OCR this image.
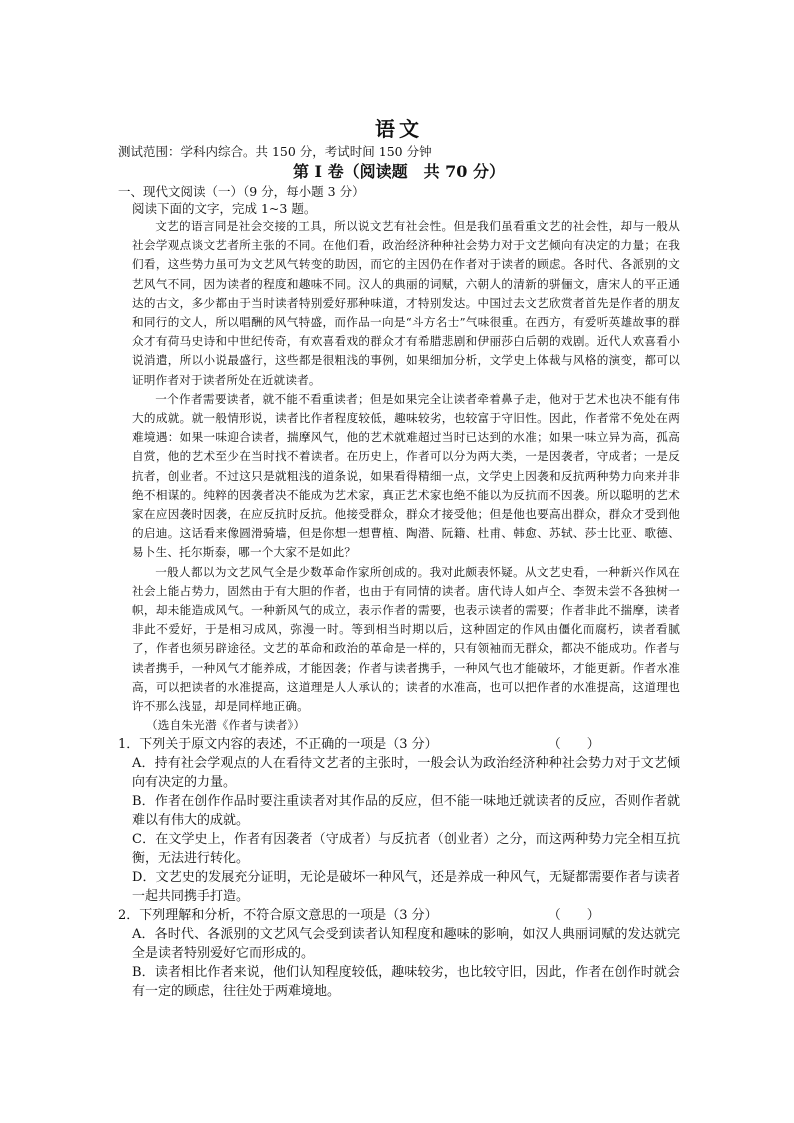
语文
测试范围：学科内综合。共 150 分，考试时间 150 分钟
第 I 卷（阅读题　共 70 分）
一、现代文阅读（一）（9 分，每小题 3 分）
阅读下面的文字，完成 1~3 题。

文艺的语言同是社会交接的工具，所以说文艺有社会性。但是我们虽看重文艺的社会性，却与一般从社会学观点谈文艺者所主张的不同。在他们看，政治经济种种社会势力对于文艺倾向有决定的力量；在我们看，这些势力虽可为文艺风气转变的助因，而它的主因仍在作者对于读者的顾虑。各时代、各派别的文艺风气不同，因为读者的程度和趣味不同。汉人的典丽的词赋，六朝人的清新的骈俪文，唐宋人的平正通达的古文，多少都由于当时读者特别爱好那种味道，才特别发达。中国过去文艺欣赏者首先是作者的朋友和同行的文人，所以唱酬的风气特盛，而作品一向是“斗方名士”气味很重。在西方，有爱听英雄故事的群众才有荷马史诗和中世纪传奇，有欢喜看戏的群众才有希腊悲剧和伊丽莎白后朝的戏剧。近代人欢喜看小说消遣，所以小说最盛行，这些都是很粗浅的事例，如果细加分析，文学史上体裁与风格的演变，都可以证明作者对于读者所处在近就读者。

一个作者需要读者，就不能不看重读者；但是如果完全让读者牵着鼻子走，他对于艺术也决不能有伟大的成就。就一般情形说，读者比作者程度较低，趣味较劣，也较富于守旧性。因此，作者常不免处在两难境遇：如果一味迎合读者，揣摩风气，他的艺术就难超过当时已达到的水准；如果一味立异为高，孤高自赏，他的艺术至少在当时找不着读者。在历史上，作者可以分为两大类，一是因袭者，守成者；一是反抗者，创业者。不过这只是就粗浅的道条说，如果看得精细一点，文学史上因袭和反抗两种势力向来并非绝不相谋的。纯粹的因袭者决不能成为艺术家，真正艺术家也绝不能以为反抗而不因袭。所以聪明的艺术家在应因袭时因袭，在应反抗时反抗。他接受群众，群众才接受他；但是他也要高出群众，群众才受到他的启迪。这话看来像圆滑骑墙，但是你想一想曹植、陶潜、阮籍、杜甫、韩愈、苏轼、莎士比亚、歌德、易卜生、托尔斯泰，哪一个大家不是如此？

一般人都以为文艺风气全是少数革命作家所创成的。我对此颇表怀疑。从文艺史看，一种新兴作风在社会上能占势力，固然由于有大胆的作者，也由于有同情的读者。唐代诗人如卢仝、李贺未尝不各独树一帜，却未能造成风气。一种新风气的成立，表示作者的需要，也表示读者的需要；作者非此不揣摩，读者非此不爱好，于是相习成风，弥漫一时。等到相当时期以后，这种固定的作风由僵化而腐朽，读者看腻了，作者也须另辟途径。文艺的革命和政治的革命是一样的，只有领袖而无群众，都决不能成功。作者与读者携手，一种风气才能养成，才能因袭；作者与读者携手，一种风气也才能破坏，才能更新。作者水准高，可以把读者的水准提高，这道理是人人承认的；读者的水准高，也可以把作者的水准提高，这道理也许不那么浅显，却是同样地正确。

（选自朱光潜《作者与读者》）

1．下列关于原文内容的表述，不正确的一项是（3 分）	（　　）

A．持有社会学观点的人在看待文艺者的主张时，一般会认为政治经济种种社会势力对于文艺倾向有决定的力量。

B．作者在创作作品时要注重读者对其作品的反应，但不能一味地迁就读者的反应，否则作者就难以有伟大的成就。

C．在文学史上，作者有因袭者（守成者）与反抗者（创业者）之分，而这两种势力完全相互抗衡，无法进行转化。

D．文艺史的发展充分证明，无论是破坏一种风气，还是养成一种风气，无疑都需要作者与读者一起共同携手打造。

2．下列理解和分析，不符合原文意思的一项是（3 分）	（　　）

A．各时代、各派别的文艺风气会受到读者认知程度和趣味的影响，如汉人典丽词赋的发达就完全是读者特别爱好它而形成的。

B．读者相比作者来说，他们认知程度较低，趣味较劣，也比较守旧，因此，作者在创作时就会有一定的顾虑，往往处于两难境地。
